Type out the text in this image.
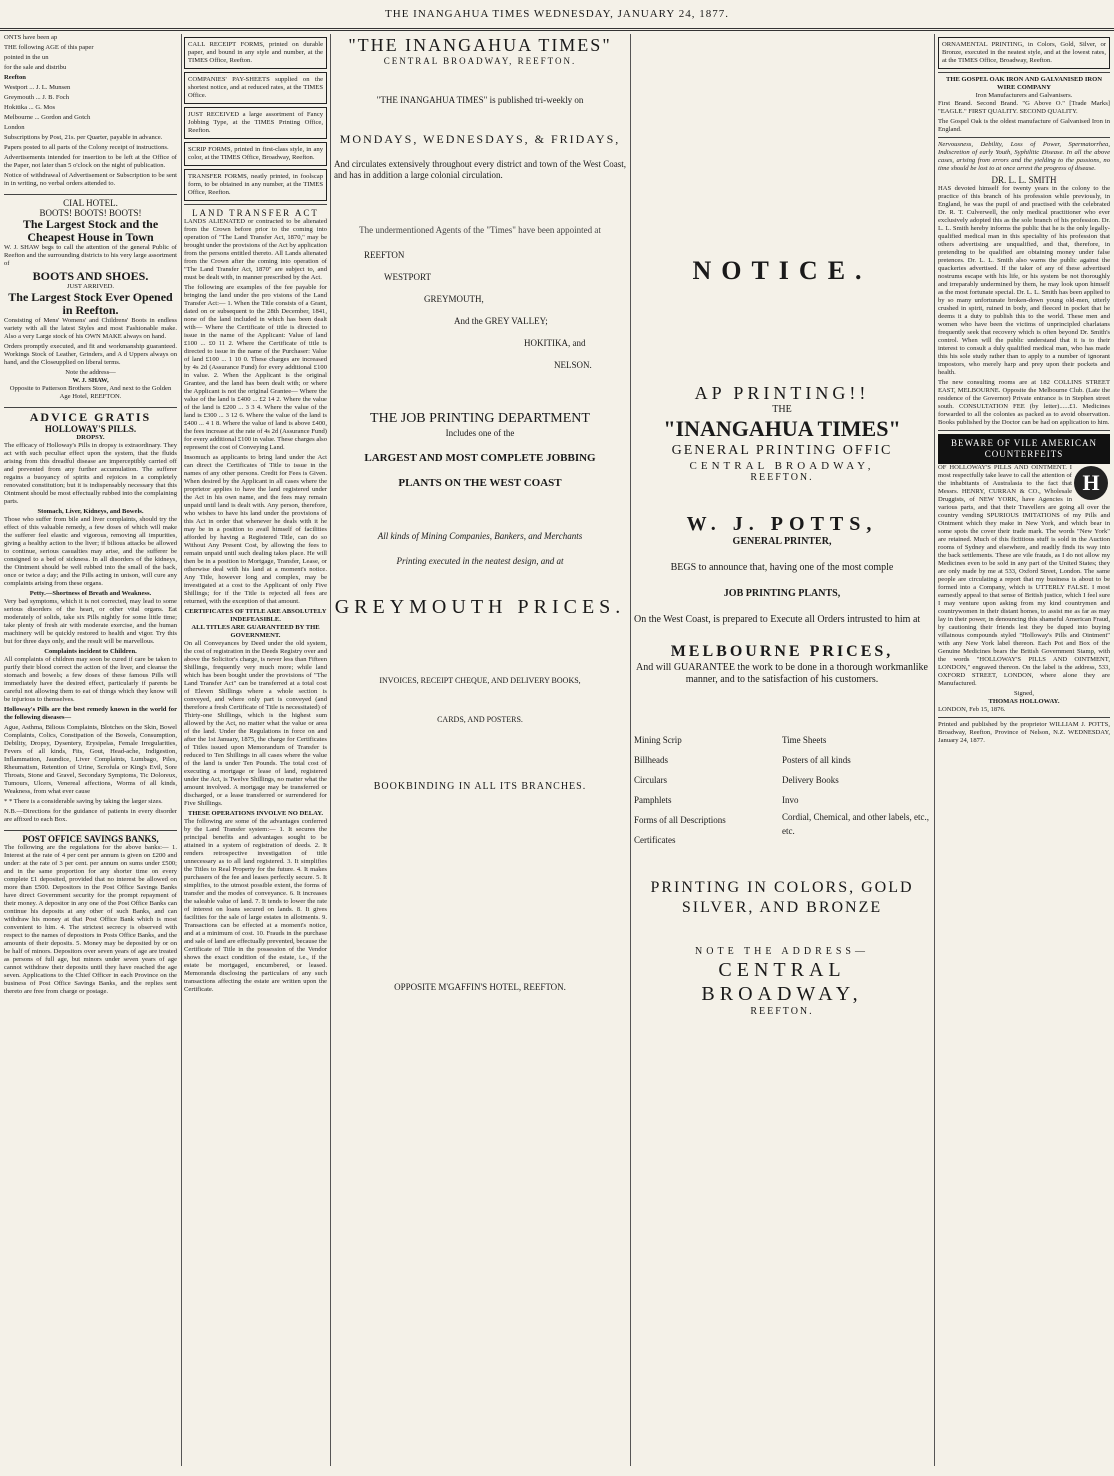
THE INANGAHUA TIMES WEDNESDAY, JANUARY 24, 1877.

ONTS have been ap

THE following AGE of this paper

pointed in the un

for the sale and distribu

Reefton

Westport ... J. L. Munsen

Greymouth ... J. B. Foch

Hokitika ... G. Mos

Melbourne ... Gordon and Gotch

London

Subscriptions by Post, 21s. per Quarter, payable in advance.

Papers posted to all parts of the Colony receipt of instructions.

Advertisements intended for insertion to be left at the Office of the Paper, not later than 5 o'clock on the night of publication.

Notice of withdrawal of Advertisement or Subscription to be sent in in writing, no verbal orders attended to.

CIAL HOTEL.
BOOTS! BOOTS! BOOTS!
The Largest Stock and the Cheapest House in Town

W. J. SHAW begs to call the attention of the general Public of Reefton and the surrounding districts to his very large assortment of

BOOTS AND SHOES.
JUST ARRIVED.
The Largest Stock Ever Opened in Reefton.

Consisting of Mens' Womens' and Childrens' Boots in endless variety with all the latest Styles and most Fashionable make. Also a very Large stock of his OWN MAKE always on hand.

Orders promptly executed, and fit and workmanship guaranteed. Workings Stock of Leather, Grinders, and A d Uppers always on hand, and the Closeupplied on liberal terms.

Note the address—
W. J. SHAW,
Opposite to Patterson Brothers Store, And next to the Golden Age Hotel, REEFTON.
ADVICE GRATIS
HOLLOWAY'S PILLS.
DROPSY.

The efficacy of Holloway's Pills in dropsy is extraordinary. They act with such peculiar effect upon the system, that the fluids arising from this dreadful disease are imperceptibly carried off and prevented from any further accumulation. The sufferer regains a buoyancy of spirits and rejoices in a completely renovated constitution; but it is indispensably necessary that this Ointment should be most effectually rubbed into the complaining parts.

Stomach, Liver, Kidneys, and Bowels.

Those who suffer from bile and liver complaints, should try the effect of this valuable remedy, a few doses of which will make the sufferer feel elastic and vigorous, removing all impurities, giving a healthy action to the liver; if bilious attacks be allowed to continue, serious casualties may arise, and the sufferer be consigned to a bed of sickness. In all disorders of the kidneys, the Ointment should be well rubbed into the small of the back, once or twice a day; and the Pills acting in unison, will cure any complaints arising from these organs.

Petty.—Shortness of Breath and Weakness.

Very bad symptoms, which it is not corrected, may lead to some serious disorders of the heart, or other vital organs. Eat moderately of solids, take six Pills nightly for some little time; take plenty of fresh air with moderate exercise, and the human machinery will be quickly restored to health and vigor. Try this but for three days only, and the result will be marvellous.

Complaints incident to Children.

All complaints of children may soon be cured if care be taken to purify their blood correct the action of the liver, and cleanse the stomach and bowels; a few doses of these famous Pills will immediately have the desired effect, particularly if parents be careful not allowing them to eat of things which they know will be injurious to themselves.

Holloway's Pills are the best remedy known in the world for the following diseases—

Ague, Asthma, Bilious Complaints, Blotches on the Skin, Bowel Complaints, Colics, Constipation of the Bowels, Consumption, Debility, Dropsy, Dysentery, Erysipelas, Female Irregularities, Fevers of all kinds, Fits, Gout, Head-ache, Indigestion, Inflammation, Jaundice, Liver Complaints, Lumbago, Piles, Rheumatism, Retention of Urine, Scrofula or King's Evil, Sore Throats, Stone and Gravel, Secondary Symptoms, Tic Doloreux, Tumours, Ulcers, Venereal affections, Worms of all kinds, Weakness, from what ever cause

* * There is a considerable saving by taking the larger sizes.

N.B.—Directions for the guidance of patients in every disorder are affixed to each Box.

POST OFFICE SAVINGS BANKS,

The following are the regulations for the above banks:— 1. Interest at the rate of 4 per cent per annum is given on £200 and under: at the rate of 3 per cent. per annum on sums under £500; and in the same proportion for any shorter time on every complete £1 deposited, provided that no interest be allowed on more than £500. Depositors in the Post Office Savings Banks have direct Government security for the prompt repayment of their money. A depositor in any one of the Post Office Banks can continue his deposits at any other of such Banks, and can withdraw his money at that Post Office Bank which is most convenient to him. 4. The strictest secrecy is observed with respect to the names of depositors in Posts Office Banks, and the amounts of their deposits. 5. Money may be deposited by or on be half of minors. Depositors over seven years of age are treated as persons of full age, but minors under seven years of age cannot withdraw their deposits until they have reached the age seven. Applications to the Chief Officer in each Province on the business of Post Office Savings Banks, and the replies sent thereto are free from charge or postage.

CALL RECEIPT FORMS, printed on durable paper, and bound in any style and number, at the TIMES Office, Reefton.

COMPANIES' PAY-SHEETS supplied on the shortest notice, and at reduced rates, at the TIMES Office.

JUST RECEIVED a large assortment of Fancy Jobbing Type, at the TIMES Printing Office, Reefton.

SCRIP FORMS, printed in first-class style, in any color, at the TIMES Office, Broadway, Reefton.

TRANSFER FORMS, neatly printed, in foolscap form, to be obtained in any number, at the TIMES Office, Reefton.

LAND TRANSFER ACT

LANDS ALIENATED or contracted to be alienated from the Crown before prior to the coming into operation of "The Land Transfer Act, 1870," may be brought under the provisions of the Act by application from the persons entitled thereto. All Lands alienated from the Crown after the coming into operation of "The Land Transfer Act, 1870" are subject to, and must be dealt with, in manner prescribed by the Act.

The following are examples of the fee payable for bringing the land under the pro visions of the Land Transfer Act:— 1. When the Title consists of a Grant, dated on or subsequent to the 28th December, 1841, none of the land included in which has been dealt with— Where the Certificate of title is directed to issue in the name of the Applicant: Value of land £100 ... £0 11 2. Where the Certificate of title is directed to issue in the name of the Purchaser: Value of land £100 ... 1 10 0. These charges are increased by 4s 2d (Assurance Fund) for every additional £100 in value. 2. When the Applicant is the original Grantee, and the land has been dealt with; or where the Applicant is not the original Grantee— Where the value of the land is £400 ... £2 14 2. Where the value of the land is £200 ... 3 3 4. Where the value of the land is £300 ... 3 12 6. Where the value of the land is £400 ... 4 1 8. Where the value of land is above £400, the fees increase at the rate of 4s 2d (Assurance Fund) for every additional £100 in value. These charges also represent the cost of Conveying Land.

Insomuch as applicants to bring land under the Act can direct the Certificates of Title to issue in the names of any other persons. Credit for Fees is Given. When desired by the Applicant in all cases where the proprietor applies to have the land registered under the Act in his own name, and the fees may remain unpaid until land is dealt with. Any person, therefore, who wishes to have his land under the provisions of this Act in order that whenever he deals with it he may be in a position to avail himself of facilities afforded by having a Registered Title, can do so Without Any Present Cost, by allowing the fees to remain unpaid until such dealing takes place. He will then be in a position to Mortgage, Transfer, Lease, or otherwise deal with his land at a moment's notice. Any Title, however long and complex, may be investigated at a cost to the Applicant of only Five Shillings; for if the Title is rejected all fees are returned, with the exception of that amount.

CERTIFICATES OF TITLE ARE ABSOLUTELY INDEFEASIBLE.
ALL TITLES ARE GUARANTEED BY THE GOVERNMENT.

On all Conveyances by Deed under the old system, the cost of registration in the Deeds Registry over and above the Solicitor's charge, is never less than Fifteen Shillings, frequently very much more; while land which has been bought under the provisions of "The Land Transfer Act" can be transferred at a total cost of Eleven Shillings where a whole section is conveyed, and where only part is conveyed (and therefore a fresh Certificate of Title is necessitated) of Thirty-one Shillings, which is the highest sum allowed by the Act, no matter what the value or area of the land. Under the Regulations in force on and after the 1st January, 1875, the charge for Certificates of Titles issued upon Memorandum of Transfer is reduced to Ten Shillings in all cases where the value of the land is under Ten Pounds. The total cost of executing a mortgage or lease of land, registered under the Act, is Twelve Shillings, no matter what the amount involved. A mortgage may be transferred or discharged, or a lease transferred or surrendered for Five Shillings.

THESE OPERATIONS INVOLVE NO DELAY.

The following are some of the advantages conferred by the Land Transfer system:— 1. It secures the principal benefits and advantages sought to be attained in a system of registration of deeds. 2. It renders retrospective investigation of title unnecessary as to all land registered. 3. It simplifies the Titles to Real Property for the future. 4. It makes purchasers of the fee and leases perfectly secure. 5. It simplifies, to the utmost possible extent, the forms of transfer and the modes of conveyance. 6. It increases the saleable value of land. 7. It tends to lower the rate of interest on loans secured on lands. 8. It gives facilities for the sale of large estates in allotments. 9. Transactions can be effected at a moment's notice, and at a minimum of cost. 10. Frauds in the purchase and sale of land are effectually prevented, because the Certificate of Title in the possession of the Vendor shows the exact condition of the estate, i.e., if the estate be mortgaged, encumbered, or leased. Memoranda disclosing the particulars of any such transactions affecting the estate are written upon the Certificate.

"THE INANGAHUA TIMES"
CENTRAL BROADWAY, REEFTON.
"THE INANGAHUA TIMES" is published tri-weekly on
MONDAYS, WEDNESDAYS, & FRIDAYS,

And circulates extensively throughout every district and town of the West Coast, and has in addition a large colonial circulation.

The undermentioned Agents of the "Times" have been appointed at
REEFTON
WESTPORT
GREYMOUTH,
And the GREY VALLEY;
HOKITIKA, and
NELSON.
THE JOB PRINTING DEPARTMENT
Includes one of the
LARGEST AND MOST COMPLETE JOBBING
PLANTS ON THE WEST COAST
All kinds of Mining Companies, Bankers, and Merchants
Printing executed in the neatest design, and at
GREYMOUTH PRICES.
INVOICES, RECEIPT CHEQUE, AND DELIVERY BOOKS,
CARDS, AND POSTERS.
BOOKBINDING IN ALL ITS BRANCHES.
OPPOSITE M'GAFFIN'S HOTEL, REEFTON.
NOTICE.
AP PRINTING!!
THE
"INANGAHUA TIMES"
GENERAL PRINTING OFFIC
CENTRAL BROADWAY,
REEFTON.
W. J. POTTS,
GENERAL PRINTER,
BEGS to announce that, having one of the most comple
JOB PRINTING PLANTS,

On the West Coast, is prepared to Execute all Orders intrusted to him at

MELBOURNE PRICES,

And will GUARANTEE the work to be done in a thorough workmanlike manner, and to the satisfaction of his customers.

Mining Scrip
Billheads
Circulars
Pamphlets
Forms of all Descriptions
Certificates
Time Sheets
Posters of all kinds
Delivery Books
Invo
Cordial, Chemical, and other labels, etc., etc.
PRINTING IN COLORS, GOLD SILVER, AND BRONZE
NOTE THE ADDRESS—
CENTRAL BROADWAY,
REEFTON.

ORNAMENTAL PRINTING, in Colors, Gold, Silver, or Bronze, executed in the neatest style, and at the lowest rates, at the TIMES Office, Broadway, Reefton.

THE GOSPEL OAK IRON AND GALVANISED IRON WIRE COMPANY
Iron Manufacturers and Galvanisers.

First Brand. Second Brand. "G Above O." [Trade Marks] "EAGLE." FIRST QUALITY. SECOND QUALITY.

The Gospel Oak is the oldest manufacture of Galvanised Iron in England.

Nervousness, Debility, Loss of Power, Spermatorrhea, Indiscretion of early Youth, Syphilitic Disease. In all the above cases, arising from errors and the yielding to the passions, no time should be lost to at once arrest the progress of disease.

DR. L. L. SMITH

HAS devoted himself for twenty years in the colony to the practice of this branch of his profession while previously, in England, he was the pupil of and practised with the celebrated Dr. R. T. Culverwell, the only medical practitioner who ever exclusively adopted this as the sole branch of his profession. Dr. L. L. Smith hereby informs the public that he is the only legally-qualified medical man in this speciality of his profession that others advertising are unqualified, and that, therefore, in pretending to be qualified are obtaining money under false pretences. Dr. L. L. Smith also warns the public against the quackeries advertised. If the taker of any of these advertised nostrums escape with his life, or his system be not thoroughly and irreparably undermined by them, he may look upon himself as the most fortunate special. Dr. L. L. Smith has been applied to by so many unfortunate broken-down young old-men, utterly crushed in spirit, ruined in body, and fleeced in pocket that he deems it a duty to publish this to the world. These men and women who have been the victims of unprincipled charlatans frequently seek that recovery which is often beyond Dr. Smith's control. When will the public understand that it is to their interest to consult a duly qualified medical man, who has made this his sole study rather than to apply to a number of ignorant impostors, who merely harp and prey upon their pockets and health.

The new consulting rooms are at 182 COLLINS STREET EAST, MELBOURNE. Opposite the Melbourne Club. (Late the residence of the Governor) Private entrance is in Stephen street south. CONSULTATION FEE (by letter)......£1. Medicines forwarded to all the colonies as packed as to avoid observation. Books published by the Doctor can be had on application to him.

BEWARE OF VILE AMERICAN COUNTERFEITS
H

OF HOLLOWAY'S PILLS AND OINTMENT. I most respectfully take leave to call the attention of the inhabitants of Australasia to the fact that Messrs. HENRY, CURRAN & CO., Wholesale Druggists, of NEW YORK, have Agencies in various parts, and that their Travellers are going all over the country vending SPURIOUS IMITATIONS of my Pills and Ointment which they make in New York, and which bear in some spots the cover their trade mark. The words "New York" are retained. Much of this fictitious stuff is sold in the Auction rooms of Sydney and elsewhere, and readily finds its way into the back settlements. These are vile frauds, as I do not allow my Medicines even to be sold in any part of the United States; they are only made by me at 533, Oxford Street, London. The same people are circulating a report that my business is about to be formed into a Company, which is UTTERLY FALSE. I most earnestly appeal to that sense of British justice, which I feel sure I may venture upon asking from my kind countrymen and countrywomen in their distant homes, to assist me as far as may lay in their power, in denouncing this shameful American Fraud, by cautioning their friends lest they be duped into buying villainous compounds styled "Holloway's Pills and Ointment" with any New York label thereon. Each Pot and Box of the Genuine Medicines bears the British Government Stamp, with the words "HOLLOWAY'S PILLS AND OINTMENT, LONDON," engraved thereon. On the label is the address, 533, OXFORD STREET, LONDON, where alone they are Manufactured.

Signed,
THOMAS HOLLOWAY.
LONDON, Feb 15, 1876.

Printed and published by the proprietor WILLIAM J. POTTS, Broadway, Reefton, Province of Nelson, N.Z. WEDNESDAY, January 24, 1877.
